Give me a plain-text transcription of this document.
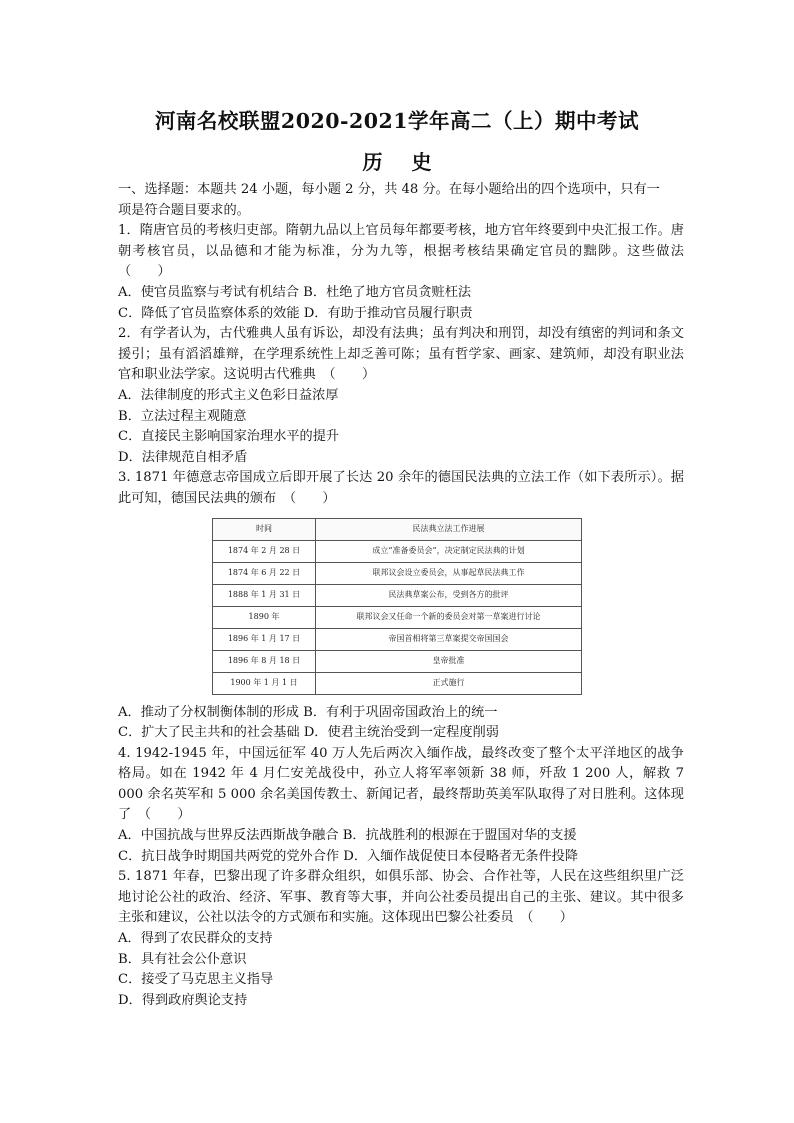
河南名校联盟2020-2021学年高二（上）期中考试
历 史
一、选择题：本题共 24 小题，每小题 2 分，共 48 分。在每小题给出的四个选项中，只有一
项是符合题目要求的。
1．隋唐官员的考核归吏部。隋朝九品以上官员每年都要考核，地方官年终要到中央汇报工作。唐朝考核官员，以品德和才能为标准，分为九等，根据考核结果确定官员的黜陟。这些做法　（　　）
A．使官员监察与考试有机结合 B．杜绝了地方官员贪赃枉法
C．降低了官员监察体系的效能 D．有助于推动官员履行职责
2．有学者认为，古代雅典人虽有诉讼，却没有法典；虽有判决和刑罚，却没有缜密的判词和条文援引；虽有滔滔雄辩，在学理系统性上却乏善可陈；虽有哲学家、画家、建筑师，却没有职业法官和职业法学家。这说明古代雅典　（　　）
A．法律制度的形式主义色彩日益浓厚
B．立法过程主观随意
C．直接民主影响国家治理水平的提升
D．法律规范自相矛盾
3. 1871 年德意志帝国成立后即开展了长达 20 余年的德国民法典的立法工作（如下表所示）。据此可知，德国民法典的颁布　（　　）
时间	民法典立法工作进展
1874 年 2 月 28 日	成立“准备委员会”，决定制定民法典的计划
1874 年 6 月 22 日	联邦议会设立委员会，从事起草民法典工作
1888 年 1 月 31 日	民法典草案公布，受到各方的批评
1890 年	联邦议会又任命一个新的委员会对第一草案进行讨论
1896 年 1 月 17 日	帝国首相将第三草案提交帝国国会
1896 年 8 月 18 日	皇帝批准
1900 年 1 月 1 日	正式施行
A．推动了分权制衡体制的形成 B．有利于巩固帝国政治上的统一
C．扩大了民主共和的社会基础 D．使君主统治受到一定程度削弱
4. 1942-1945 年，中国远征军 40 万人先后两次入缅作战，最终改变了整个太平洋地区的战争格局。如在 1942 年 4 月仁安羌战役中，孙立人将军率领新 38 师，歼敌 1 200 人，解救 7 000 余名英军和 5 000 余名美国传教士、新闻记者，最终帮助英美军队取得了对日胜利。这体现了　（　　）
A．中国抗战与世界反法西斯战争融合 B．抗战胜利的根源在于盟国对华的支援
C．抗日战争时期国共两党的党外合作 D．入缅作战促使日本侵略者无条件投降
5. 1871 年春，巴黎出现了许多群众组织，如俱乐部、协会、合作社等，人民在这些组织里广泛地讨论公社的政治、经济、军事、教育等大事，并向公社委员提出自己的主张、建议。其中很多主张和建议，公社以法令的方式颁布和实施。这体现出巴黎公社委员　（　　）
A．得到了农民群众的支持
B．具有社会公仆意识
C．接受了马克思主义指导
D．得到政府舆论支持
